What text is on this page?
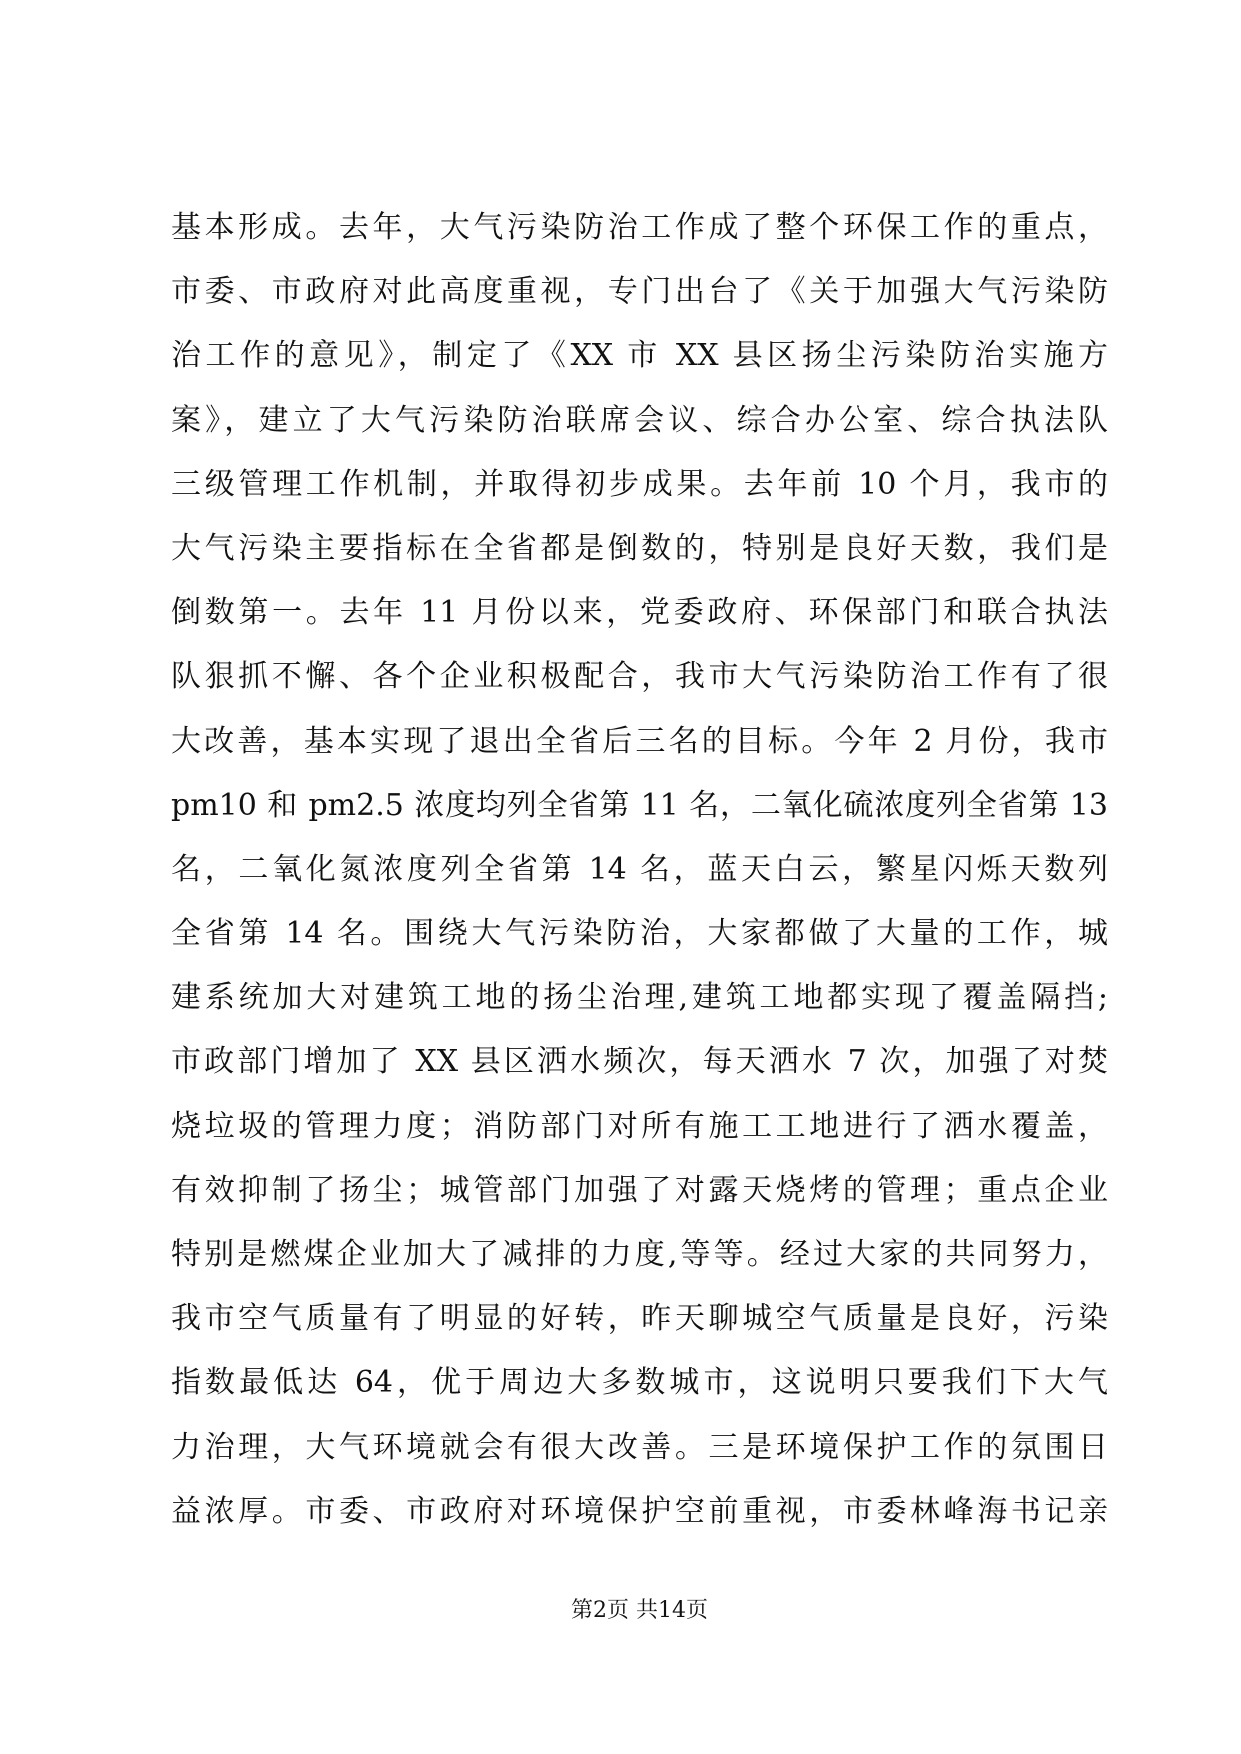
基本形成。去年，大气污染防治工作成了整个环保工作的重点，
市委、市政府对此高度重视，专门出台了《关于加强大气污染防
治工作的意见》，制定了《XX 市 XX 县区扬尘污染防治实施方
案》，建立了大气污染防治联席会议、综合办公室、综合执法队
三级管理工作机制，并取得初步成果。去年前 10 个月，我市的
大气污染主要指标在全省都是倒数的，特别是良好天数，我们是
倒数第一。去年 11 月份以来，党委政府、环保部门和联合执法
队狠抓不懈、各个企业积极配合，我市大气污染防治工作有了很
大改善，基本实现了退出全省后三名的目标。今年 2 月份，我市
pm10 和 pm2.5 浓度均列全省第 11 名，二氧化硫浓度列全省第 13
名，二氧化氮浓度列全省第 14 名，蓝天白云，繁星闪烁天数列
全省第 14 名。围绕大气污染防治，大家都做了大量的工作，城
建系统加大对建筑工地的扬尘治理,建筑工地都实现了覆盖隔挡;
市政部门增加了 XX 县区洒水频次，每天洒水 7 次，加强了对焚
烧垃圾的管理力度；消防部门对所有施工工地进行了洒水覆盖，
有效抑制了扬尘；城管部门加强了对露天烧烤的管理；重点企业
特别是燃煤企业加大了减排的力度,等等。经过大家的共同努力，
我市空气质量有了明显的好转，昨天聊城空气质量是良好，污染
指数最低达 64，优于周边大多数城市，这说明只要我们下大气
力治理，大气环境就会有很大改善。三是环境保护工作的氛围日
益浓厚。市委、市政府对环境保护空前重视，市委林峰海书记亲
第2页 共14页
